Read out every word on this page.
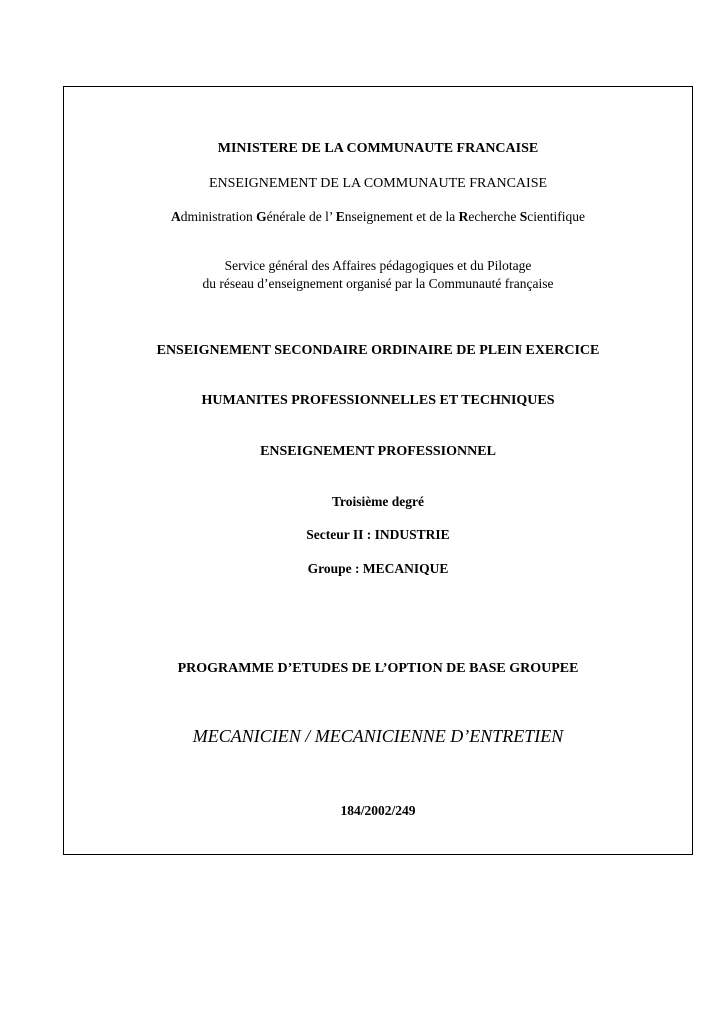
MINISTERE DE LA COMMUNAUTE FRANCAISE
ENSEIGNEMENT DE LA COMMUNAUTE FRANCAISE
Administration Générale de l’ Enseignement et de la Recherche Scientifique
Service général des Affaires pédagogiques et du Pilotage
du réseau d’enseignement organisé par la Communauté française
ENSEIGNEMENT SECONDAIRE ORDINAIRE DE PLEIN EXERCICE
HUMANITES PROFESSIONNELLES ET TECHNIQUES
ENSEIGNEMENT PROFESSIONNEL
Troisième degré
Secteur II : INDUSTRIE
Groupe : MECANIQUE
PROGRAMME D’ETUDES DE L’OPTION DE BASE GROUPEE
MECANICIEN / MECANICIENNE D’ENTRETIEN
184/2002/249
